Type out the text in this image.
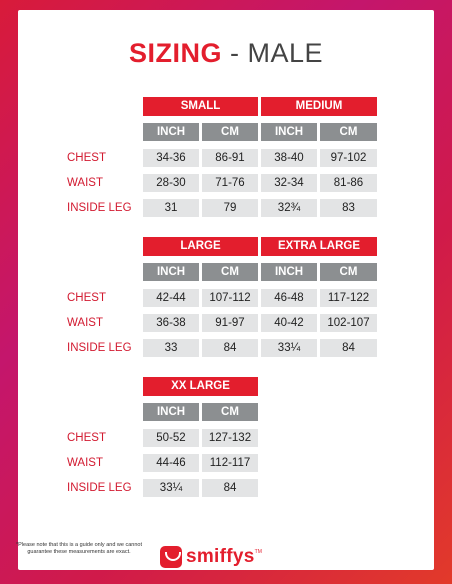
SIZING - MALE
SMALL	MEDIUM
INCH	CM	INCH	CM
CHEST	34-36	86-91	38-40	97-102
WAIST	28-30	71-76	32-34	81-86
INSIDE LEG	31	79	32¾	83
LARGE	EXTRA LARGE
INCH	CM	INCH	CM
CHEST	42-44	107-112	46-48	117-122
WAIST	36-38	91-97	40-42	102-107
INSIDE LEG	33	84	33¼	84
XX LARGE
INCH	CM
CHEST	50-52	127-132
WAIST	44-46	112-117
INSIDE LEG	33¼	84
*Please note that this is a guide only and we cannot guarantee these measurements are exact.	smiffys TM
